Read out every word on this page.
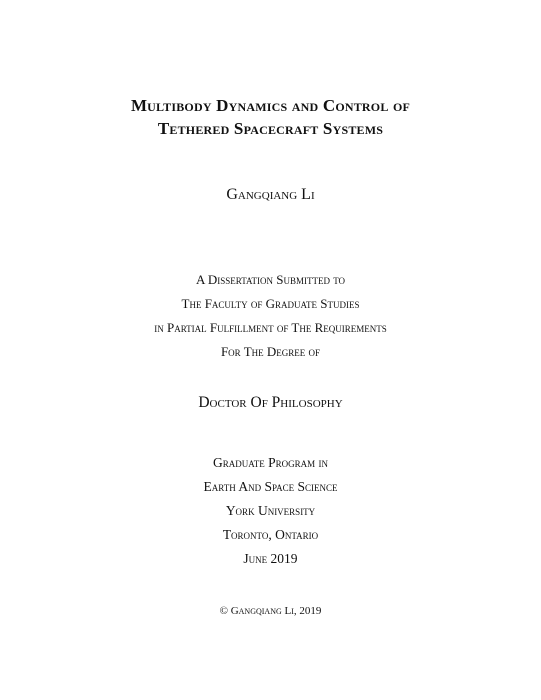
Multibody Dynamics and Control of
Tethered Spacecraft Systems
Gangqiang Li
A Dissertation Submitted to
The Faculty of Graduate Studies
in Partial Fulfillment of The Requirements
For The Degree of
Doctor Of Philosophy
Graduate Program in
Earth And Space Science
York University
Toronto, Ontario
June 2019
© Gangqiang Li, 2019
